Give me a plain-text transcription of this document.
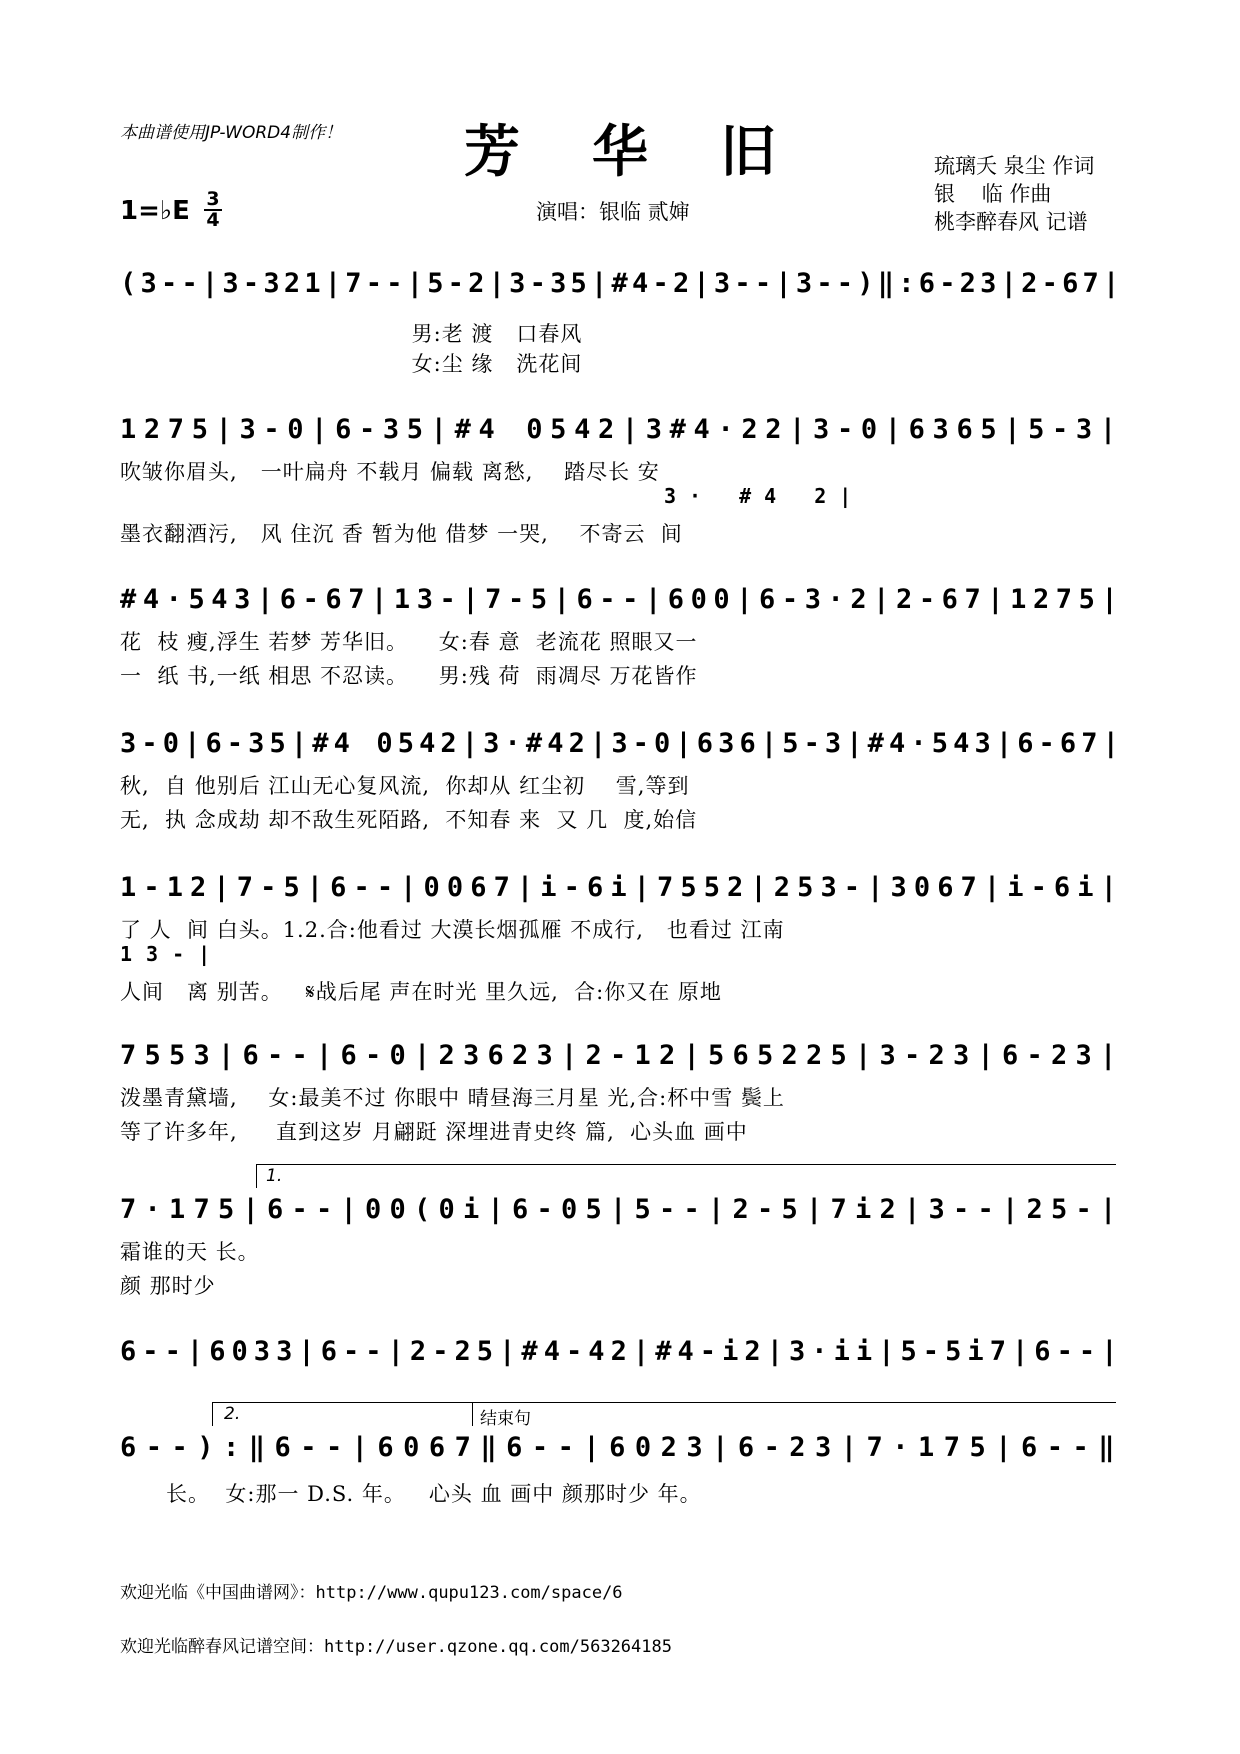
本曲谱使用JP-WORD4制作！	芳华旧	琉璃夭 泉尘 作词
银    临 作曲
桃李醉春风 记谱
1=♭E 3
4	演唱：银临 贰婶
(3--|3-321|7--|5-2|3-35|#4-2|3--|3--)‖:6-23|2-67|
男:老 渡   口春风
女:尘 缘   洗花间
1275|3-0|6-35|#4 0542|3#4·22|3-0|6365|5-3|
吹皱你眉头,   一叶扁舟 不载月 偏载 离愁,    踏尽长 安
3· #4 2|
墨衣翻酒污,   风 住沉 香 暂为他 借梦 一哭,    不寄云  间
#4·543|6-67|13-|7-5|6--|600|6-3·2|2-67|1275|
花  枝 瘦,浮生 若梦 芳华旧。    女:春 意  老流花 照眼又一
一  纸 书,一纸 相思 不忍读。    男:残 荷  雨凋尽 万花皆作
3-0|6-35|#4 0542|3·#42|3-0|636|5-3|#4·543|6-67|
秋,  自 他别后 江山无心复风流,  你却从 红尘初    雪,等到
无,  执 念成劫 却不敌生死陌路,  不知春 来  又 几  度,始信
1-12|7-5|6--|0067|i-6i|7552|253-|3067|i-6i|
了 人  间 白头。1.2.合:他看过 大漠长烟孤雁 不成行,   也看过 江南
13-|
人间   离 别苦。   𝄋战后尾 声在时光 里久远,  合:你又在 原地
7553|6--|6-0|23623|2-12|565225|3-23|6-23|
泼墨青黛墙,    女:最美不过 你眼中 晴昼海三月星 光,合:杯中雪 鬓上
等了许多年,     直到这岁 月翩跹 深埋进青史终 篇,  心头血 画中
1.
7·175|6--|00(0i|6-05|5--|2-5|7i2|3--|25-|
霜谁的天 长。
颜 那时少
6--|6033|6--|2-25|#4-42|#4-i2|3·ii|5-5i7|6--|
2.	结束句
6--):‖6--|6067‖6--|6023|6-23|7·175|6--‖
长。  女:那一 D.S. 年。   心头 血 画中 颜那时少 年。
欢迎光临《中国曲谱网》：http://www.qupu123.com/space/6
欢迎光临醉春风记谱空间：http://user.qzone.qq.com/563264185
